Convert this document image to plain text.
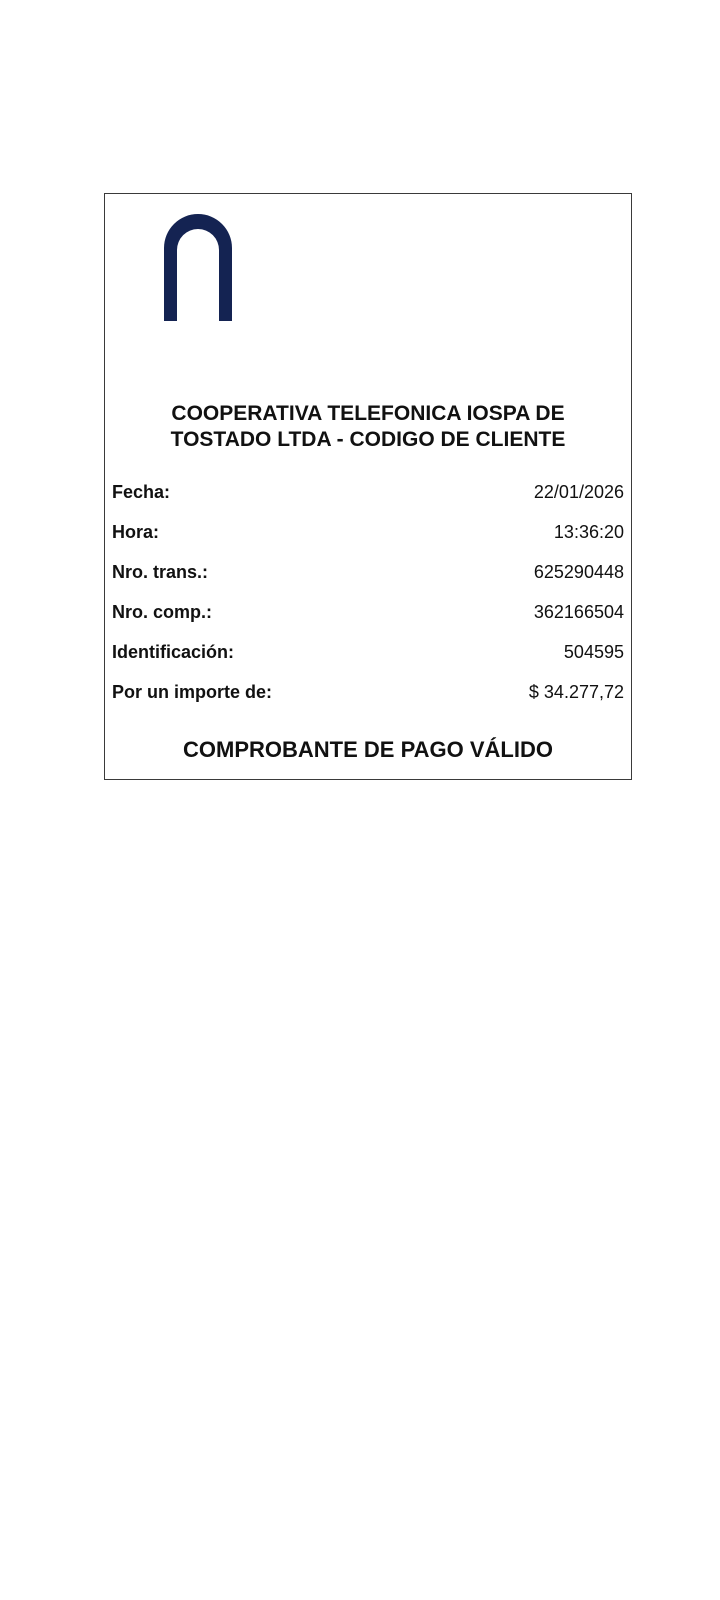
COOPERATIVA TELEFONICA IOSPA DE
TOSTADO LTDA - CODIGO DE CLIENTE
Fecha:	22/01/2026
Hora:	13:36:20
Nro. trans.:	625290448
Nro. comp.:	362166504
Identificación:	504595
Por un importe de:	$ 34.277,72
COMPROBANTE DE PAGO VÁLIDO
